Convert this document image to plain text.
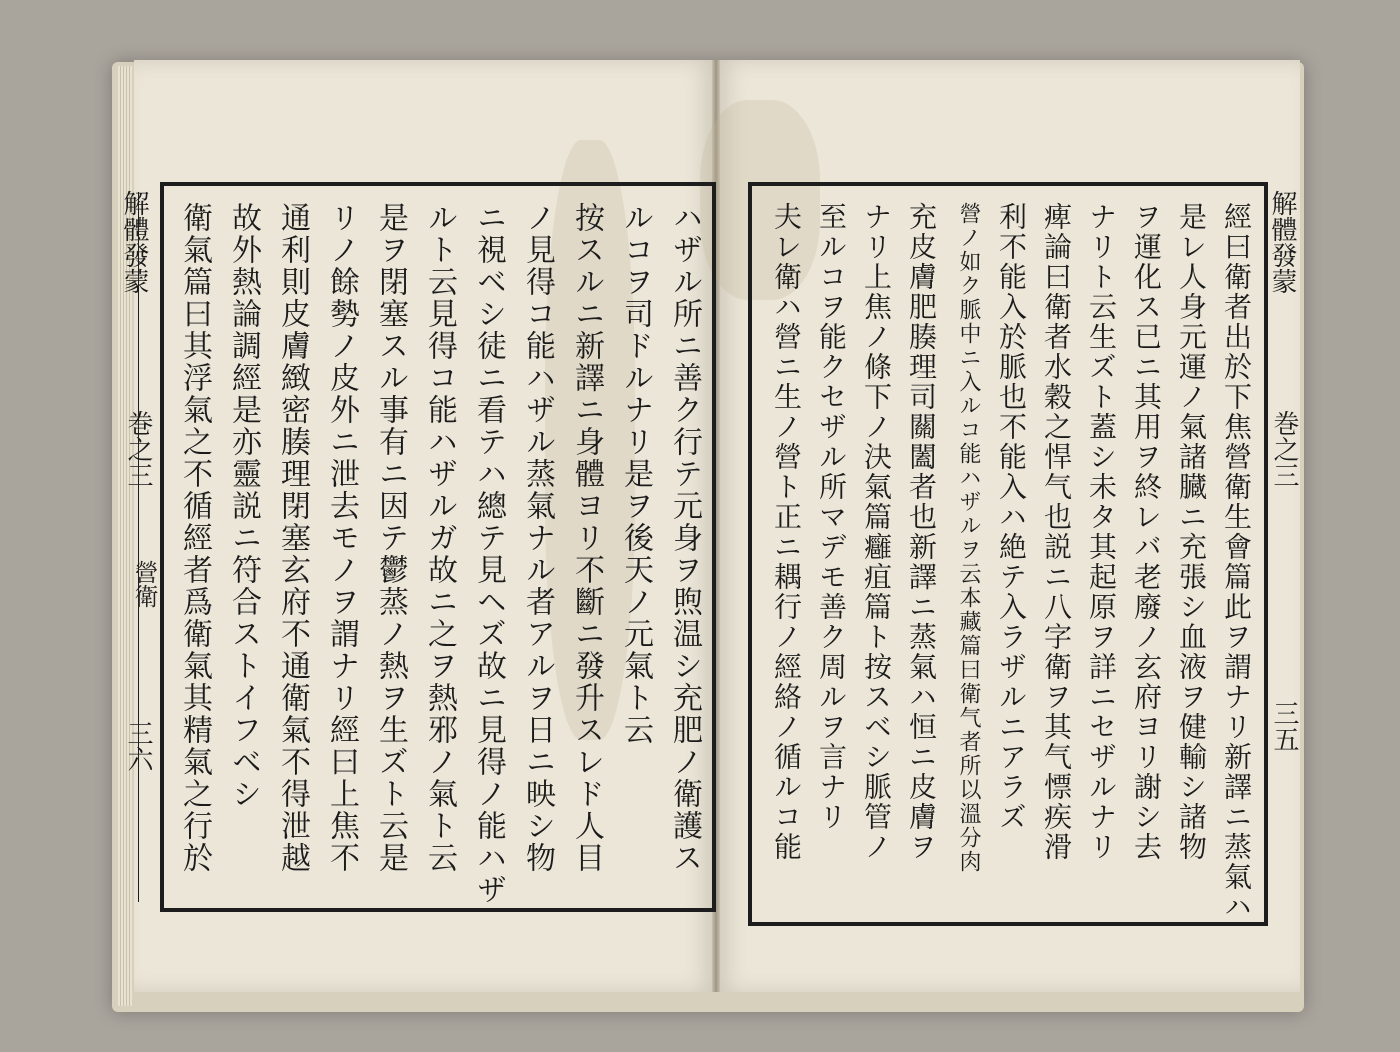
ハザル所ニ善ク行テ元身ヲ煦温シ充肥ノ衛護ス
ルコヲ司ドルナリ是ヲ後天ノ元氣ト云
按スルニ新譯ニ身體ヨリ不斷ニ發升スレド人目
ノ見得コ能ハザル蒸氣ナル者アルヲ日ニ映シ物
ニ視ベシ徒ニ看テハ總テ見ヘズ故ニ見得ノ能ハザ
ルト云見得コ能ハザルガ故ニ之ヲ熱邪ノ氣ト云
是ヲ閉塞スル事有ニ因テ鬱蒸ノ熱ヲ生ズト云是
リノ餘勢ノ皮外ニ泄去モノヲ謂ナリ經曰上焦不
通利則皮膚緻密腠理閉塞玄府不通衛氣不得泄越
故外熱論調經是亦靈説ニ符合ストイフベシ
衛氣篇曰其浮氣之不循經者爲衛氣其精氣之行於
解體發蒙
巻之三
營衛
三六	經曰衛者出於下焦營衛生會篇此ヲ謂ナリ新譯ニ蒸氣ハ
是レ人身元運ノ氣諸臓ニ充張シ血液ヲ健輸シ諸物
ヲ運化ス已ニ其用ヲ終レバ老廢ノ玄府ヨリ謝シ去
ナリト云生ズト蓋シ未タ其起原ヲ詳ニセザルナリ
痺論曰衛者水穀之悍气也説ニ八字衛ヲ其气慓疾滑
利不能入於脈也不能入ハ絶テ入ラザルニアラズ
營ノ如ク脈中ニ入ルコ能ハザルヲ云本藏篇曰衛气者所以溫分肉
充皮膚肥腠理司關闔者也新譯ニ蒸氣ハ恒ニ皮膚ヲ
ナリ上焦ノ條下ノ決氣篇癰疽篇ト按スベシ脈管ノ
至ルコヲ能クセザル所マデモ善ク周ルヲ言ナリ
夫レ衛ハ營ニ生ノ營ト正ニ耦行ノ經絡ノ循ルコ能	解體發蒙
巻之三
三五
